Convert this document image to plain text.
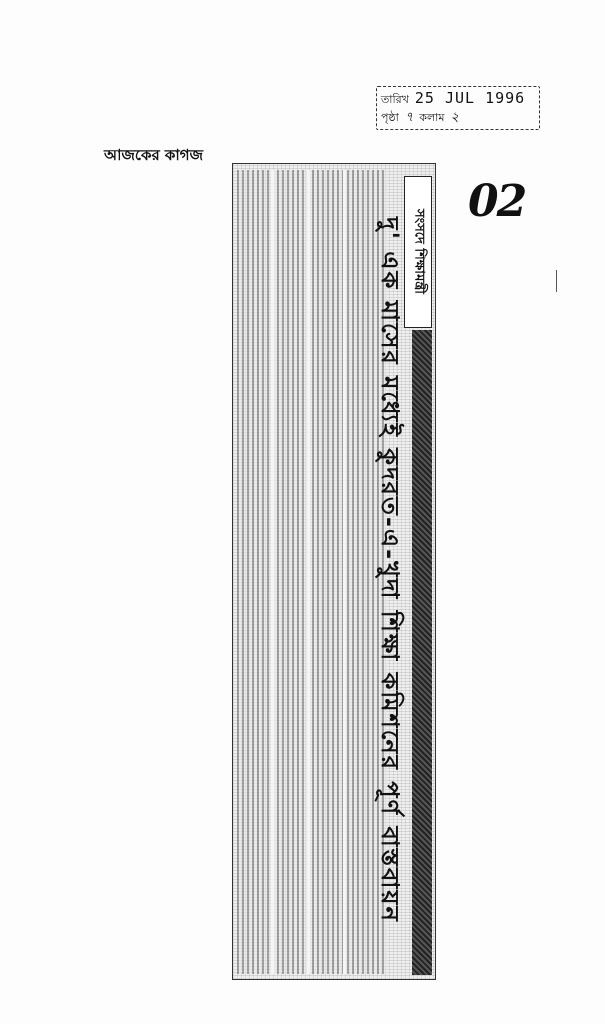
তারিখ 25 JUL 1996
পৃষ্ঠা ৭ কলাম ২
আজকের কাগজ
02
দু' এক মাসের মধ্যেই কুদরত-এ-খুদা শিক্ষা কমিশনের পূর্ণ বাস্তবায়ন সংসদে শিক্ষামন্ত্রী
